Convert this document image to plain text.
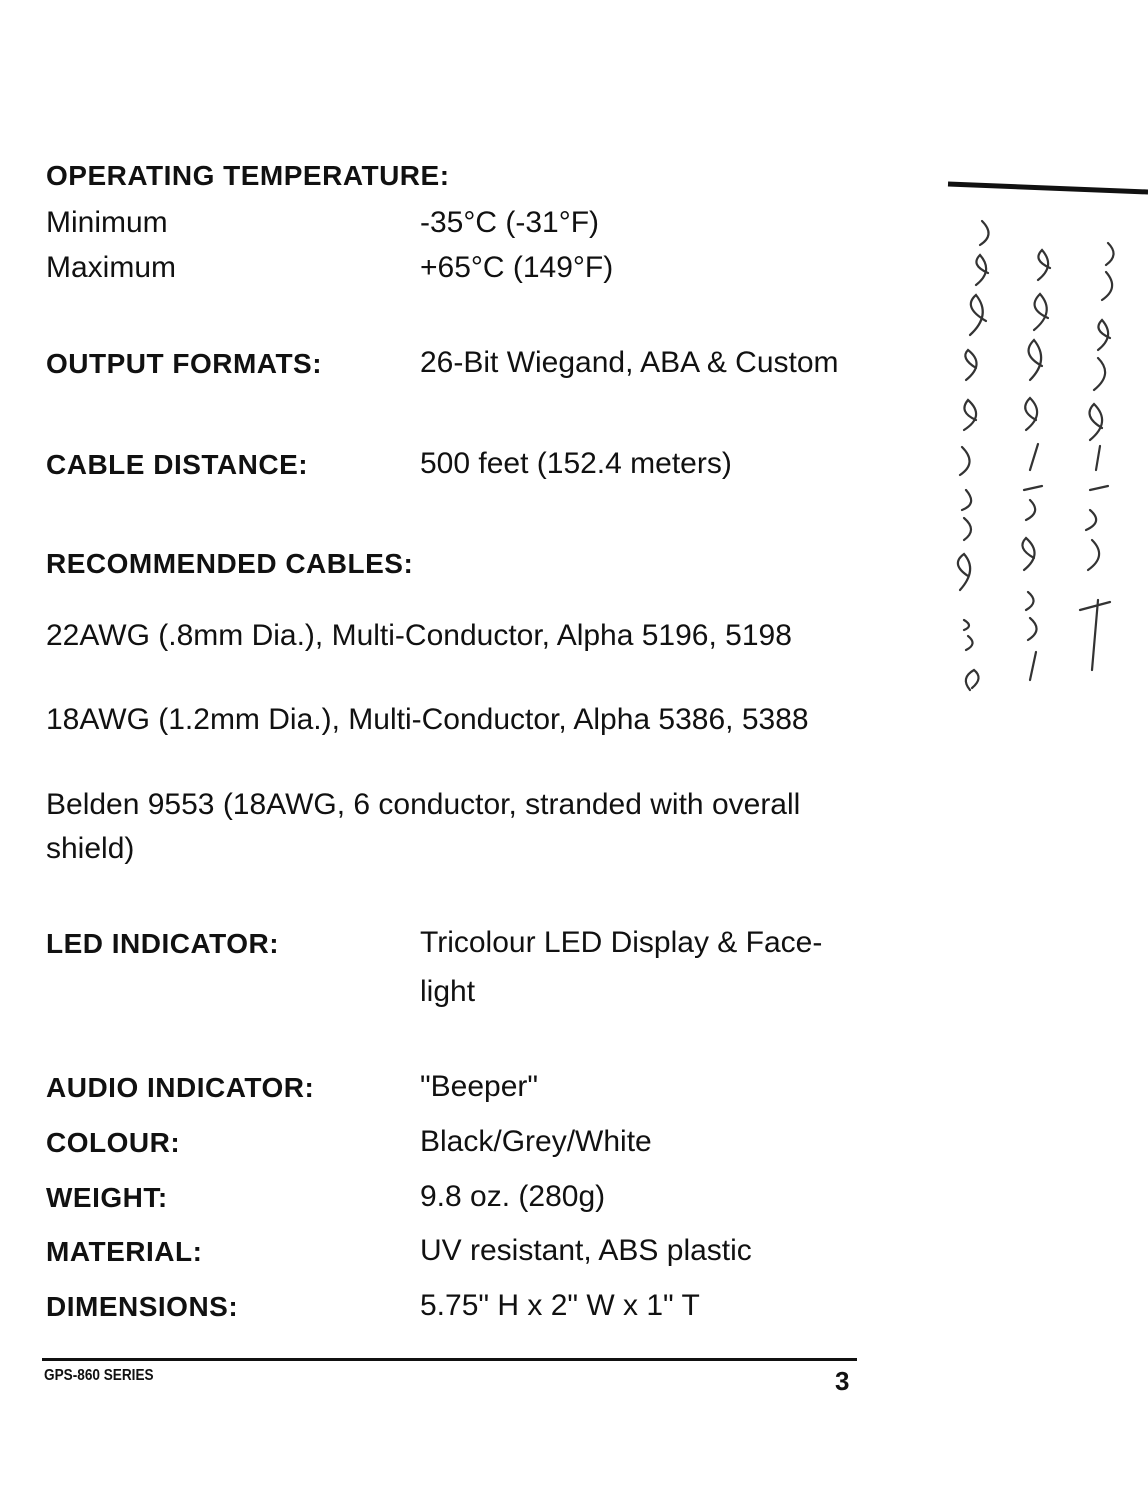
OPERATING TEMPERATURE:
Minimum	-35°C (-31°F)
Maximum	+65°C (149°F)
OUTPUT FORMATS:	26-Bit Wiegand, ABA & Custom
CABLE DISTANCE:	500 feet (152.4 meters)
RECOMMENDED CABLES:
22AWG (.8mm Dia.), Multi-Conductor, Alpha 5196, 5198
18AWG (1.2mm Dia.), Multi-Conductor, Alpha 5386, 5388
Belden 9553 (18AWG, 6 conductor, stranded with overall
shield)
LED INDICATOR:	Tricolour LED Display & Face-
light
AUDIO INDICATOR:	"Beeper"
COLOUR:	Black/Grey/White
WEIGHT:	9.8 oz. (280g)
MATERIAL:	UV resistant, ABS plastic
DIMENSIONS:	5.75" H x 2" W x 1" T
GPS-860 SERIES	3
